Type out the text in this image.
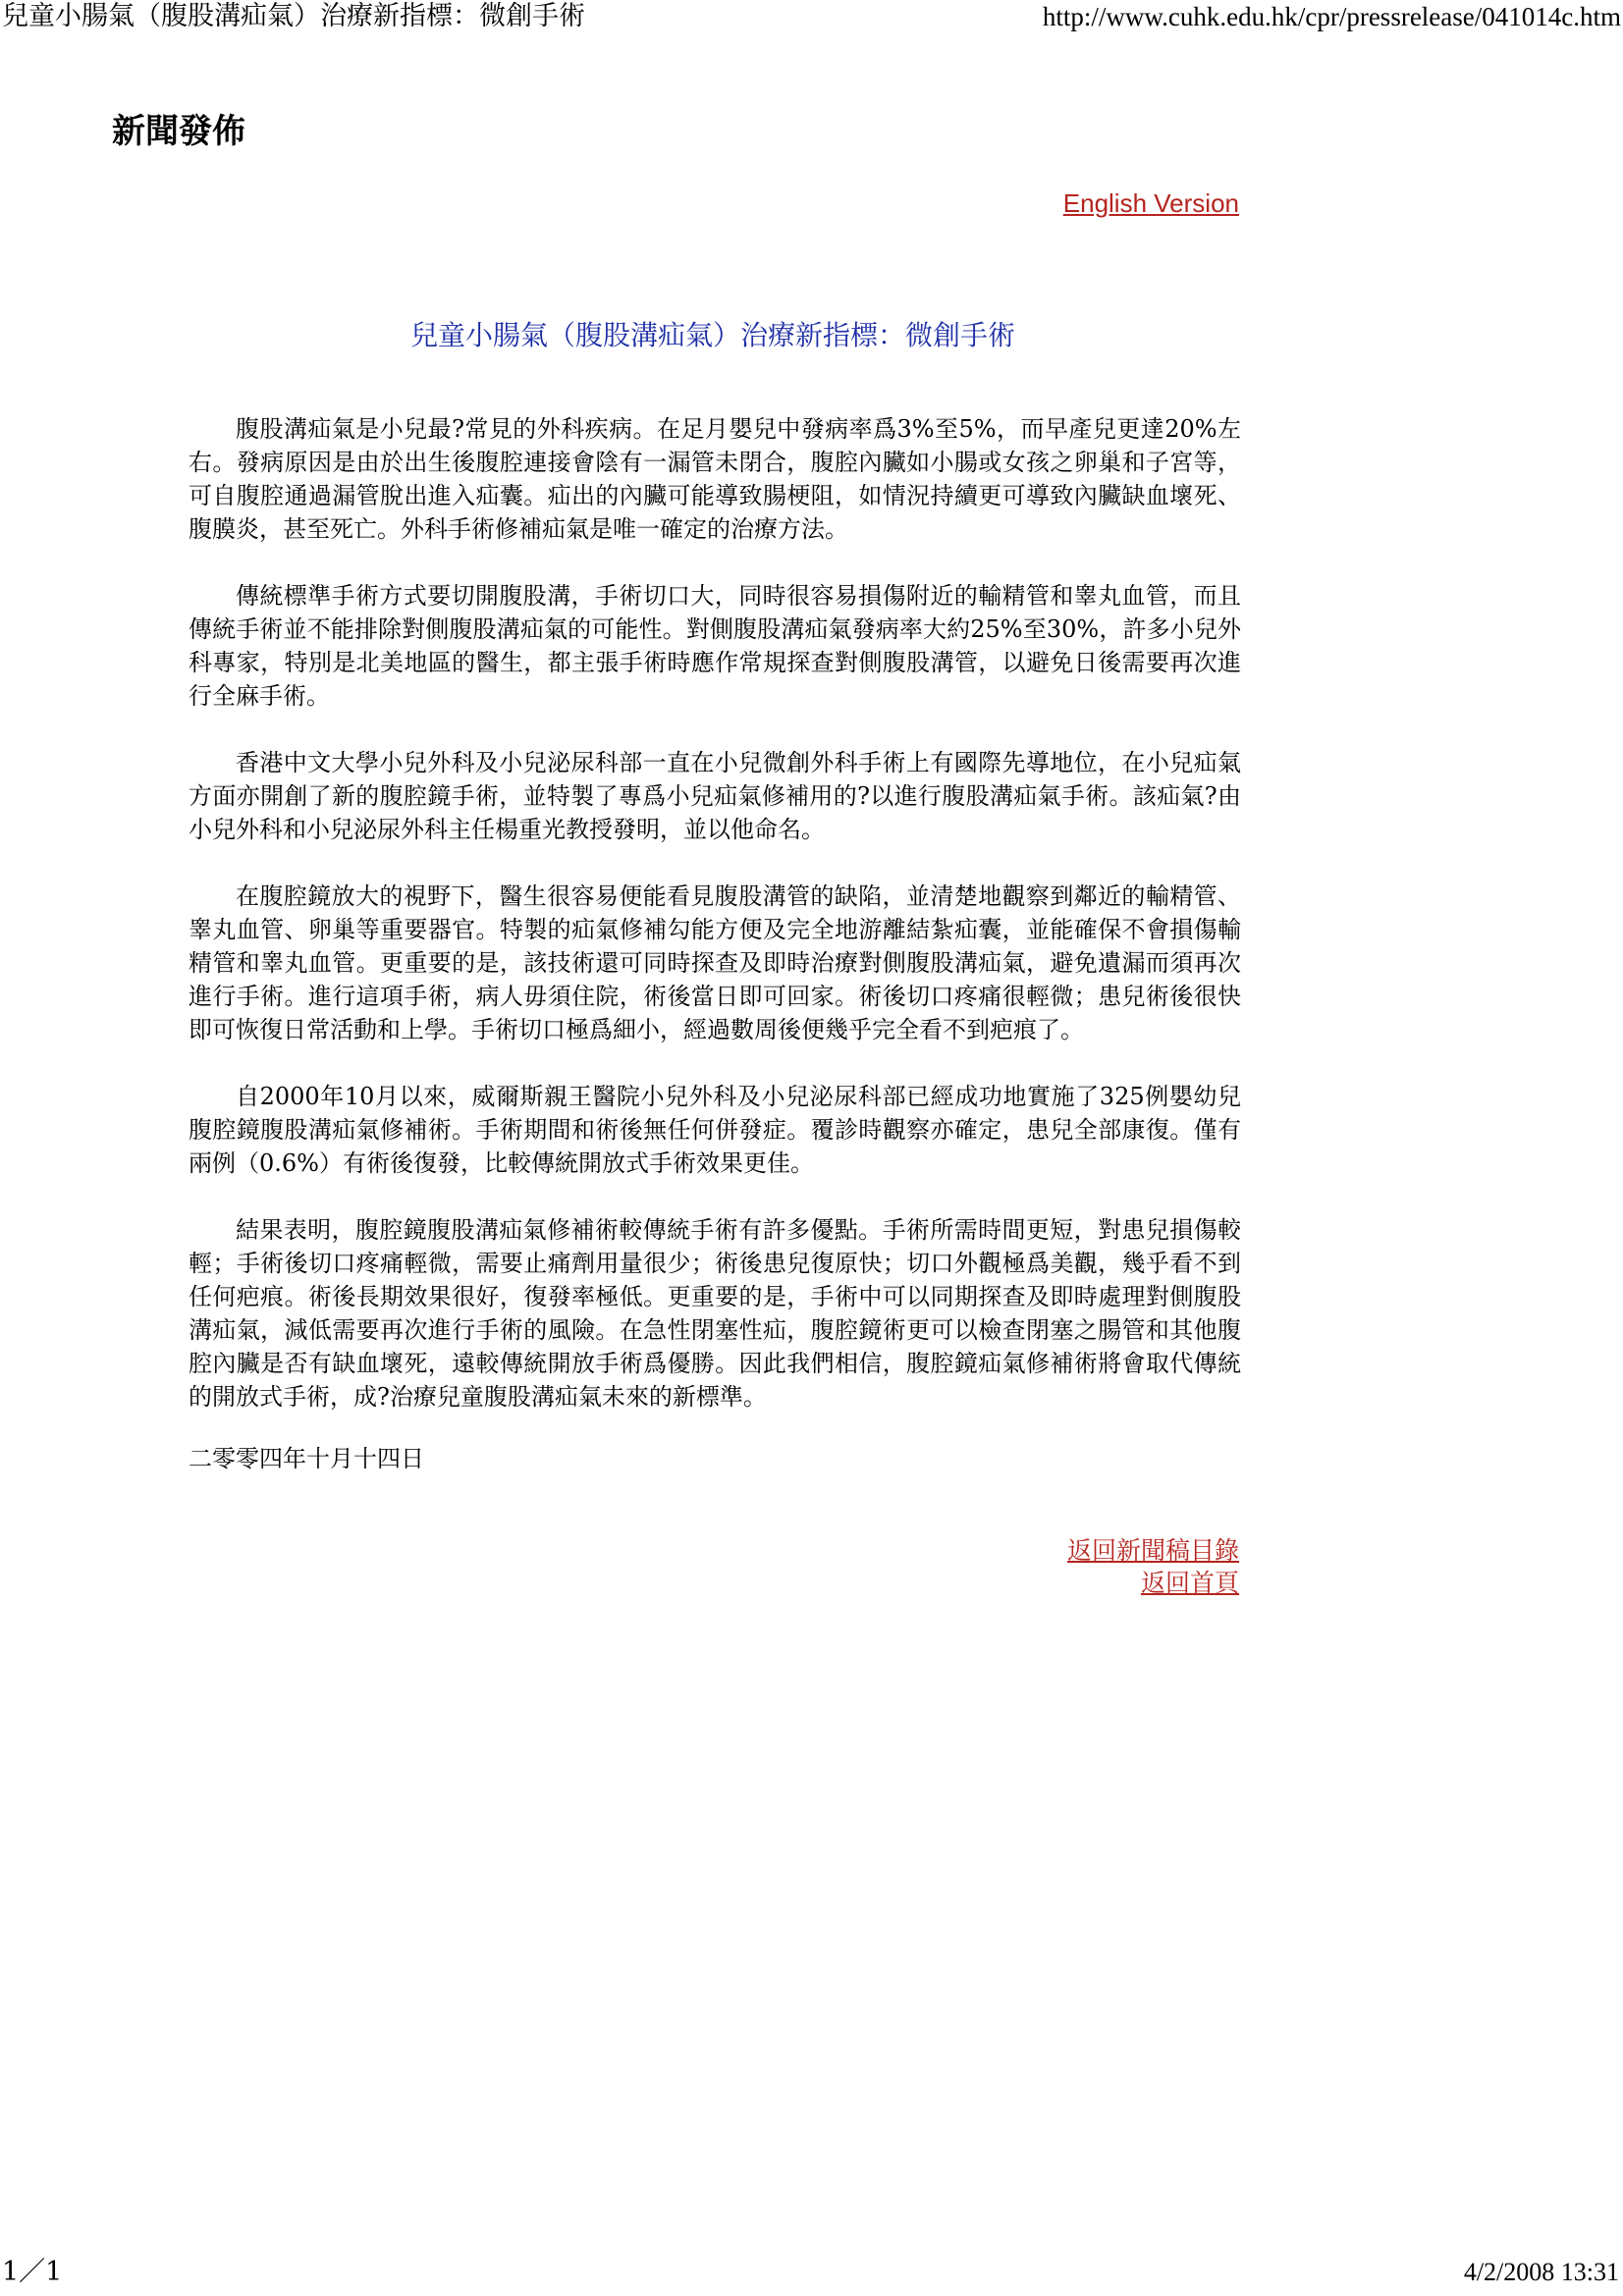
兒童小腸氣（腹股溝疝氣）治療新指標：微創手術	http://www.cuhk.edu.hk/cpr/pressrelease/041014c.htm
新聞發佈
English Version
兒童小腸氣（腹股溝疝氣）治療新指標：微創手術

腹股溝疝氣是小兒最?常見的外科疾病。在足月嬰兒中發病率爲3%至5%，而早產兒更達20%左右。發病原因是由於出生後腹腔連接會陰有一漏管未閉合，腹腔內臟如小腸或女孩之卵巢和子宮等，可自腹腔通過漏管脫出進入疝囊。疝出的內臟可能導致腸梗阻，如情況持續更可導致內臟缺血壞死、腹膜炎，甚至死亡。外科手術修補疝氣是唯一確定的治療方法。

傳統標準手術方式要切開腹股溝，手術切口大，同時很容易損傷附近的輸精管和睾丸血管，而且傳統手術並不能排除對側腹股溝疝氣的可能性。對側腹股溝疝氣發病率大約25%至30%，許多小兒外科專家，特別是北美地區的醫生，都主張手術時應作常規探查對側腹股溝管，以避免日後需要再次進行全麻手術。

香港中文大學小兒外科及小兒泌尿科部一直在小兒微創外科手術上有國際先導地位，在小兒疝氣方面亦開創了新的腹腔鏡手術，並特製了專爲小兒疝氣修補用的?以進行腹股溝疝氣手術。該疝氣?由小兒外科和小兒泌尿外科主任楊重光教授發明，並以他命名。

在腹腔鏡放大的視野下，醫生很容易便能看見腹股溝管的缺陷，並清楚地觀察到鄰近的輸精管、睾丸血管、卵巢等重要器官。特製的疝氣修補勾能方便及完全地游離結紮疝囊，並能確保不會損傷輸精管和睾丸血管。更重要的是，該技術還可同時探查及即時治療對側腹股溝疝氣，避免遺漏而須再次進行手術。進行這項手術，病人毋須住院，術後當日即可回家。術後切口疼痛很輕微；患兒術後很快即可恢復日常活動和上學。手術切口極爲細小，經過數周後便幾乎完全看不到疤痕了。

自2000年10月以來，威爾斯親王醫院小兒外科及小兒泌尿科部已經成功地實施了325例嬰幼兒腹腔鏡腹股溝疝氣修補術。手術期間和術後無任何併發症。覆診時觀察亦確定，患兒全部康復。僅有兩例（0.6%）有術後復發，比較傳統開放式手術效果更佳。

結果表明，腹腔鏡腹股溝疝氣修補術較傳統手術有許多優點。手術所需時間更短，對患兒損傷較輕；手術後切口疼痛輕微，需要止痛劑用量很少；術後患兒復原快；切口外觀極爲美觀，幾乎看不到任何疤痕。術後長期效果很好，復發率極低。更重要的是，手術中可以同期探查及即時處理對側腹股溝疝氣，減低需要再次進行手術的風險。在急性閉塞性疝，腹腔鏡術更可以檢查閉塞之腸管和其他腹腔內臟是否有缺血壞死，遠較傳統開放手術爲優勝。因此我們相信，腹腔鏡疝氣修補術將會取代傳統的開放式手術，成?治療兒童腹股溝疝氣未來的新標準。

二零零四年十月十四日
返回新聞稿目錄
返回首頁
1／1	4/2/2008 13:31
